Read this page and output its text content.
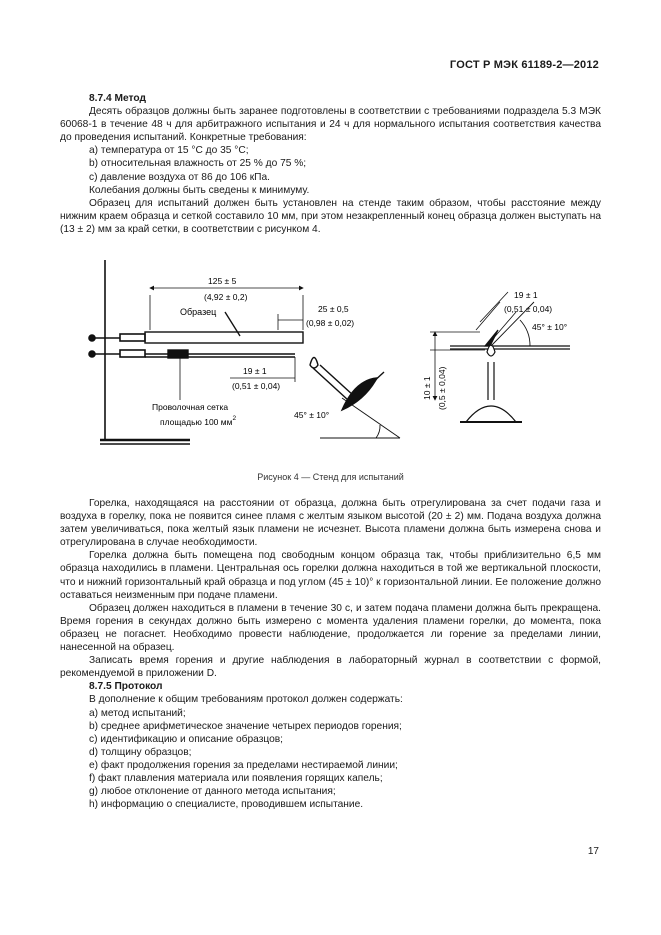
ГОСТ Р МЭК 61189-2—2012

8.7.4 Метод

Десять образцов должны быть заранее подготовлены в соответствии с требованиями подраздела 5.3 МЭК 60068-1 в течение 48 ч для арбитражного испытания и 24 ч для нормального испытания соответствия качества до проведения испытаний. Конкретные требования:

a) температура от 15 °С до 35 °С;

b) относительная влажность от 25 % до 75 %;

c) давление воздуха от 86 до 106 кПа.

Колебания должны быть сведены к минимуму.

Образец для испытаний должен быть установлен на стенде таким образом, чтобы расстояние между нижним краем образца и сеткой составило 10 мм, при этом незакрепленный конец образца должен выступать на (13 ± 2) мм за край сетки, в соответствии с рисунком 4.

Образец
Проволочная сетка
площадью 100 $мм^2$
125 ± 5
(4,92 ± 0,2)
25 ± 0,5
(0,98 ± 0,02)
19 ± 1
(0,51 ± 0,04)
45° ± 10°
19 ± 1
(0,51 ± 0,04)
45° ± 10°
10 ± 1 (0,5 ± 0,04)
Рисунок 4 — Стенд для испытаний

Горелка, находящаяся на расстоянии от образца, должна быть отрегулирована за счет подачи газа и воздуха в горелку, пока не появится синее пламя с желтым языком высотой (20 ± 2) мм. Подача воздуха должна затем увеличиваться, пока желтый язык пламени не исчезнет. Высота пламени должна быть измерена снова и отрегулирована в случае необходимости.

Горелка должна быть помещена под свободным концом образца так, чтобы приблизительно 6,5 мм образца находились в пламени. Центральная ось горелки должна находиться в той же вертикальной плоскости, что и нижний горизонтальный край образца и под углом (45 ± 10)° к горизонтальной линии. Ее положение должно оставаться неизменным при подаче пламени.

Образец должен находиться в пламени в течение 30 с, и затем подача пламени должна быть прекращена. Время горения в секундах должно быть измерено с момента удаления пламени горелки, до момента, пока образец не погаснет. Необходимо провести наблюдение, продолжается ли горение за пределами линии, нанесенной на образец.

Записать время горения и другие наблюдения в лабораторный журнал в соответствии с формой, рекомендуемой в приложении D.

8.7.5 Протокол

В дополнение к общим требованиям протокол должен содержать:

a) метод испытаний;

b) среднее арифметическое значение четырех периодов горения;

c) идентификацию и описание образцов;

d) толщину образцов;

e) факт продолжения горения за пределами нестираемой линии;

f) факт плавления материала или появления горящих капель;

g) любое отклонение от данного метода испытания;

h) информацию о специалисте, проводившем испытание.

17
